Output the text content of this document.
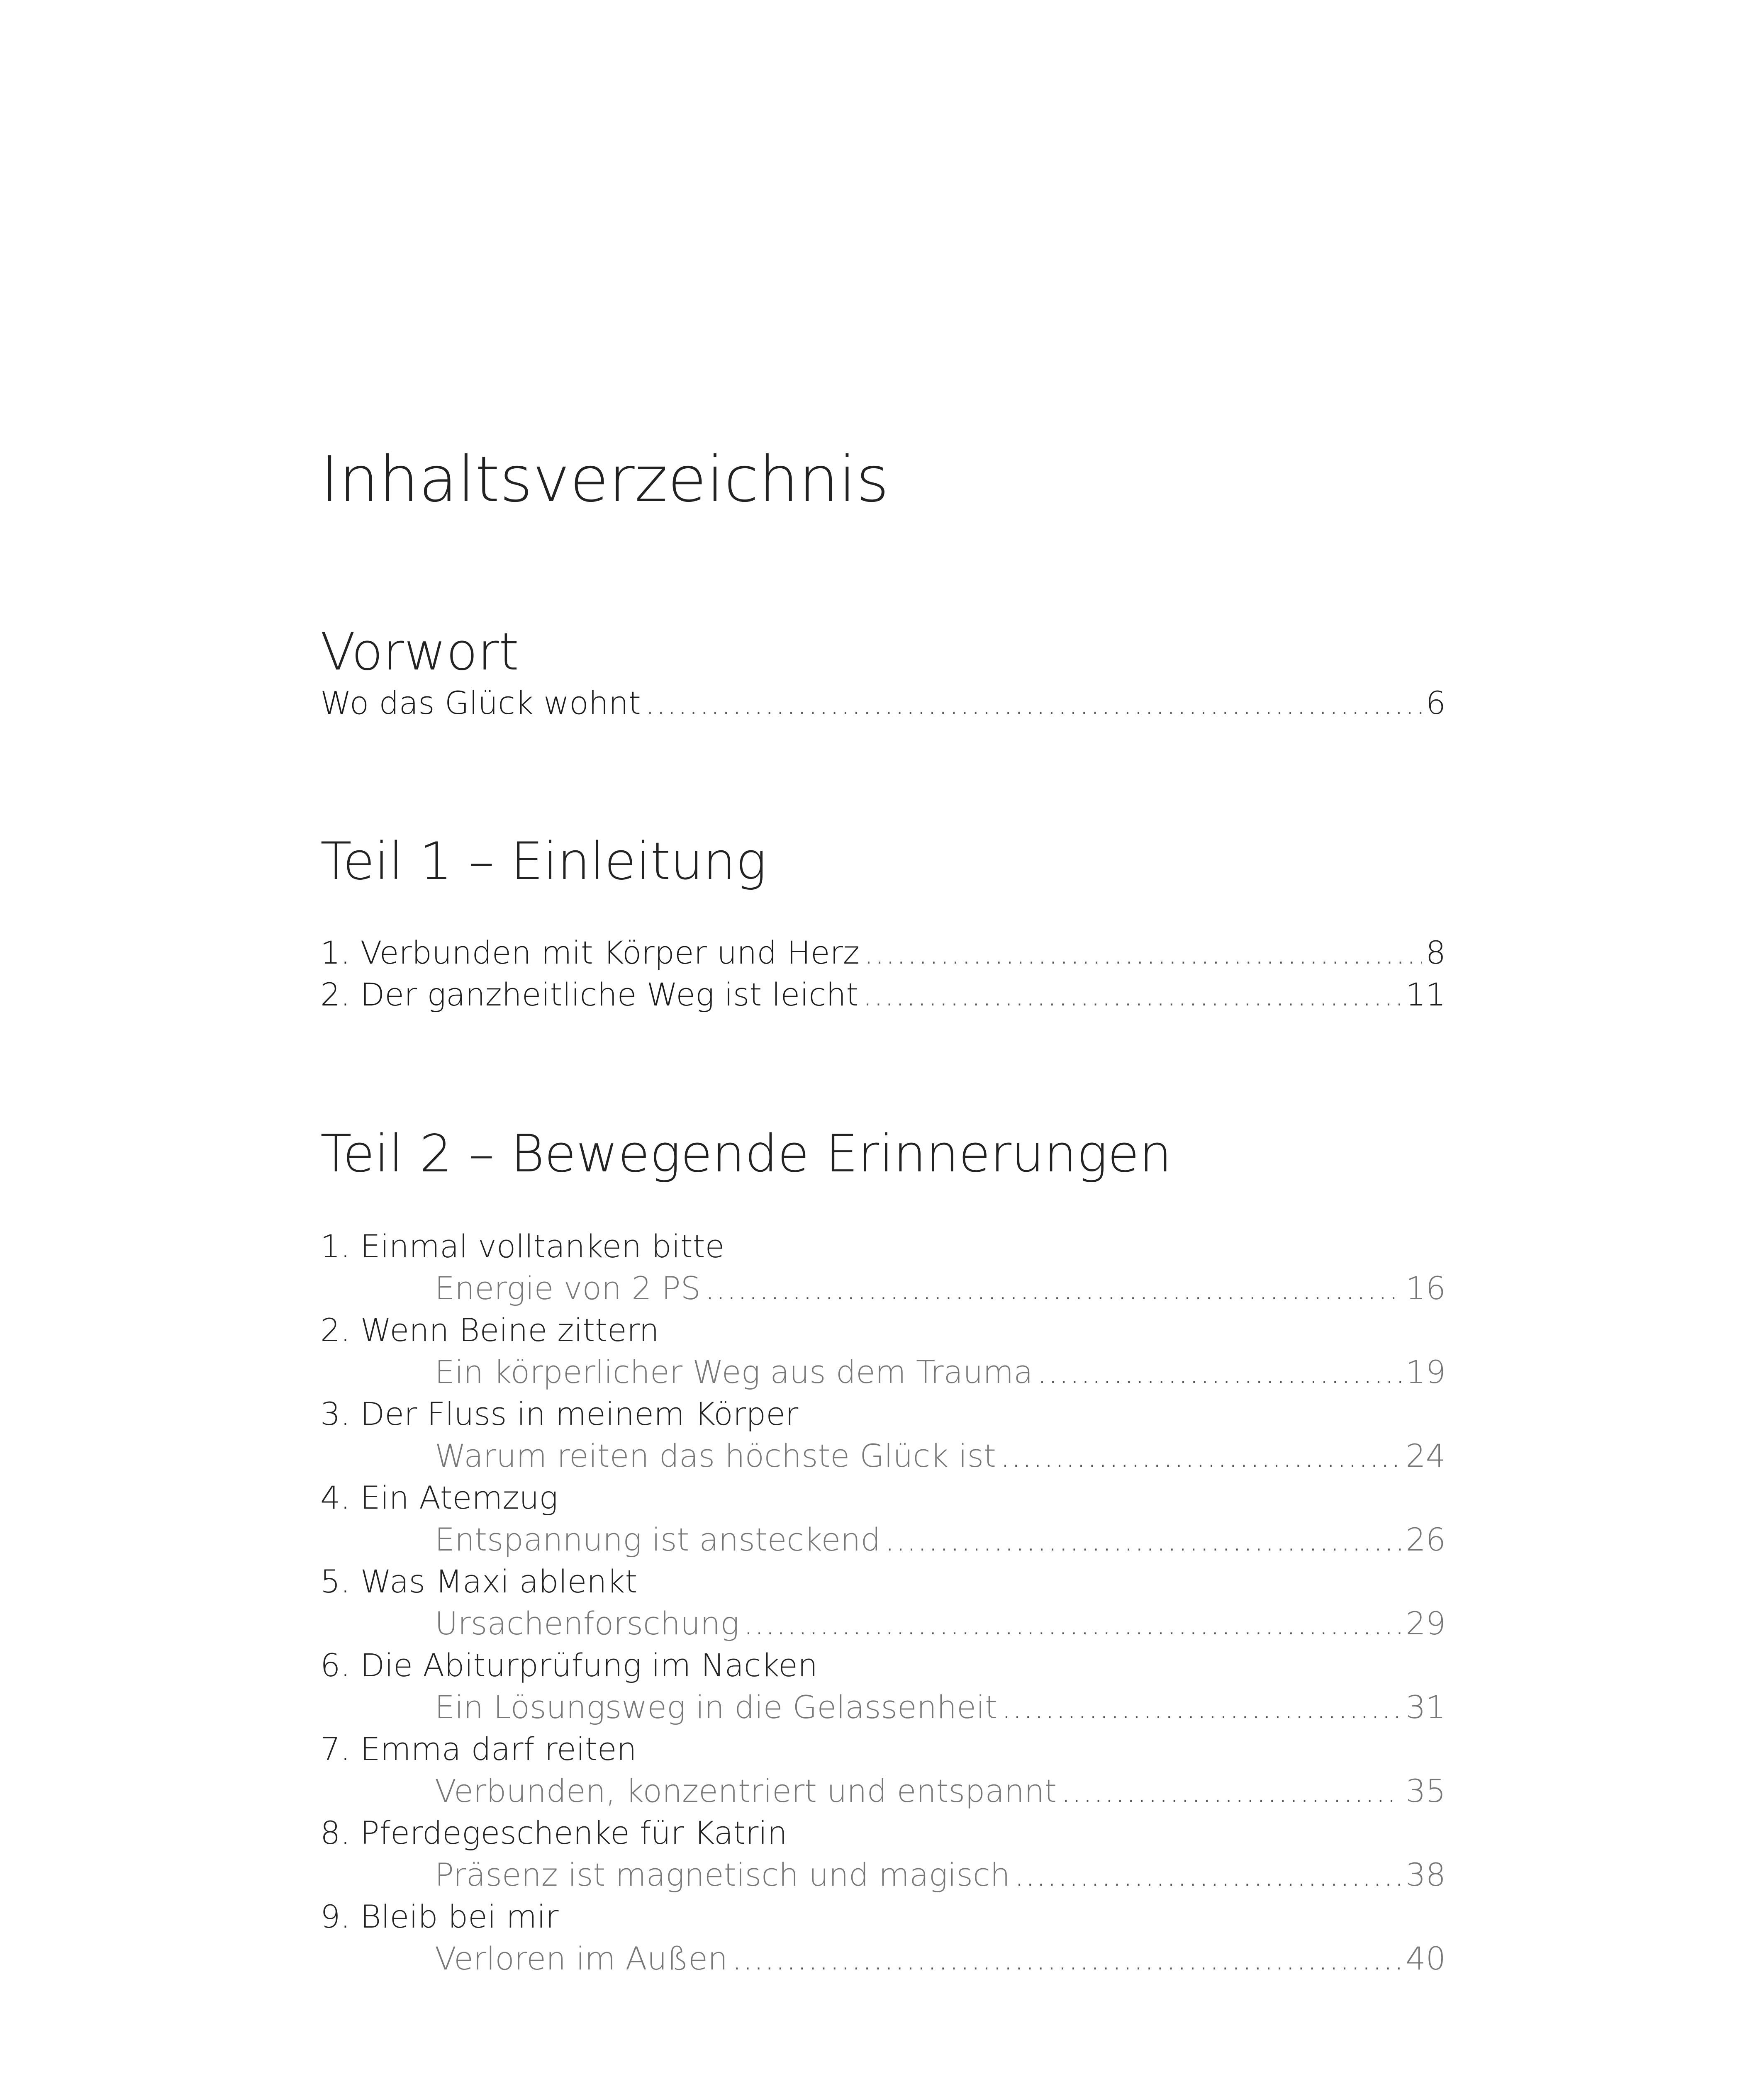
Inhaltsverzeichnis
Vorwort
Wo das Glück wohnt .....	6
Teil 1 – Einleitung
1. Verbunden mit Körper und Herz .....	8
2. Der ganzheitliche Weg ist leicht .....	11
Teil 2 – Bewegende Erinnerungen
1. Einmal volltanken bitte
Energie von 2 PS .....	16
2. Wenn Beine zittern
Ein körperlicher Weg aus dem Trauma .....	19
3. Der Fluss in meinem Körper
Warum reiten das höchste Glück ist .....	24
4. Ein Atemzug
Entspannung ist ansteckend .....	26
5. Was Maxi ablenkt
Ursachenforschung .....	29
6. Die Abiturprüfung im Nacken
Ein Lösungsweg in die Gelassenheit .....	31
7. Emma darf reiten
Verbunden, konzentriert und entspannt .....	35
8. Pferdegeschenke für Katrin
Präsenz ist magnetisch und magisch .....	38
9. Bleib bei mir
Verloren im Außen .....	40
